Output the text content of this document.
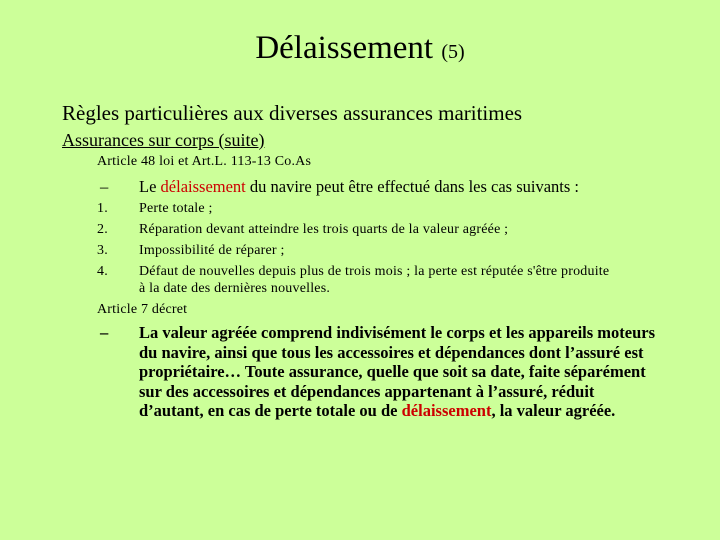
Délaissement (5)
Règles particulières aux diverses assurances maritimes
Assurances sur corps (suite)
Article 48 loi et Art.L. 113-13 Co.As
– Le délaissement du navire peut être effectué dans les cas suivants :
1. Perte totale ;
2. Réparation devant atteindre les trois quarts de la valeur agréée ;
3. Impossibilité de réparer ;
4. Défaut de nouvelles depuis plus de trois mois ; la perte est réputée s'être produite
à la date des dernières nouvelles.
Article 7 décret
– La valeur agréée comprend indivisément le corps et les appareils moteurs du navire, ainsi que tous les accessoires et dépendances dont l’assuré est propriétaire… Toute assurance, quelle que soit sa date, faite séparément sur des accessoires et dépendances appartenant à l’assuré, réduit d’autant, en cas de perte totale ou de délaissement, la valeur agréée.
